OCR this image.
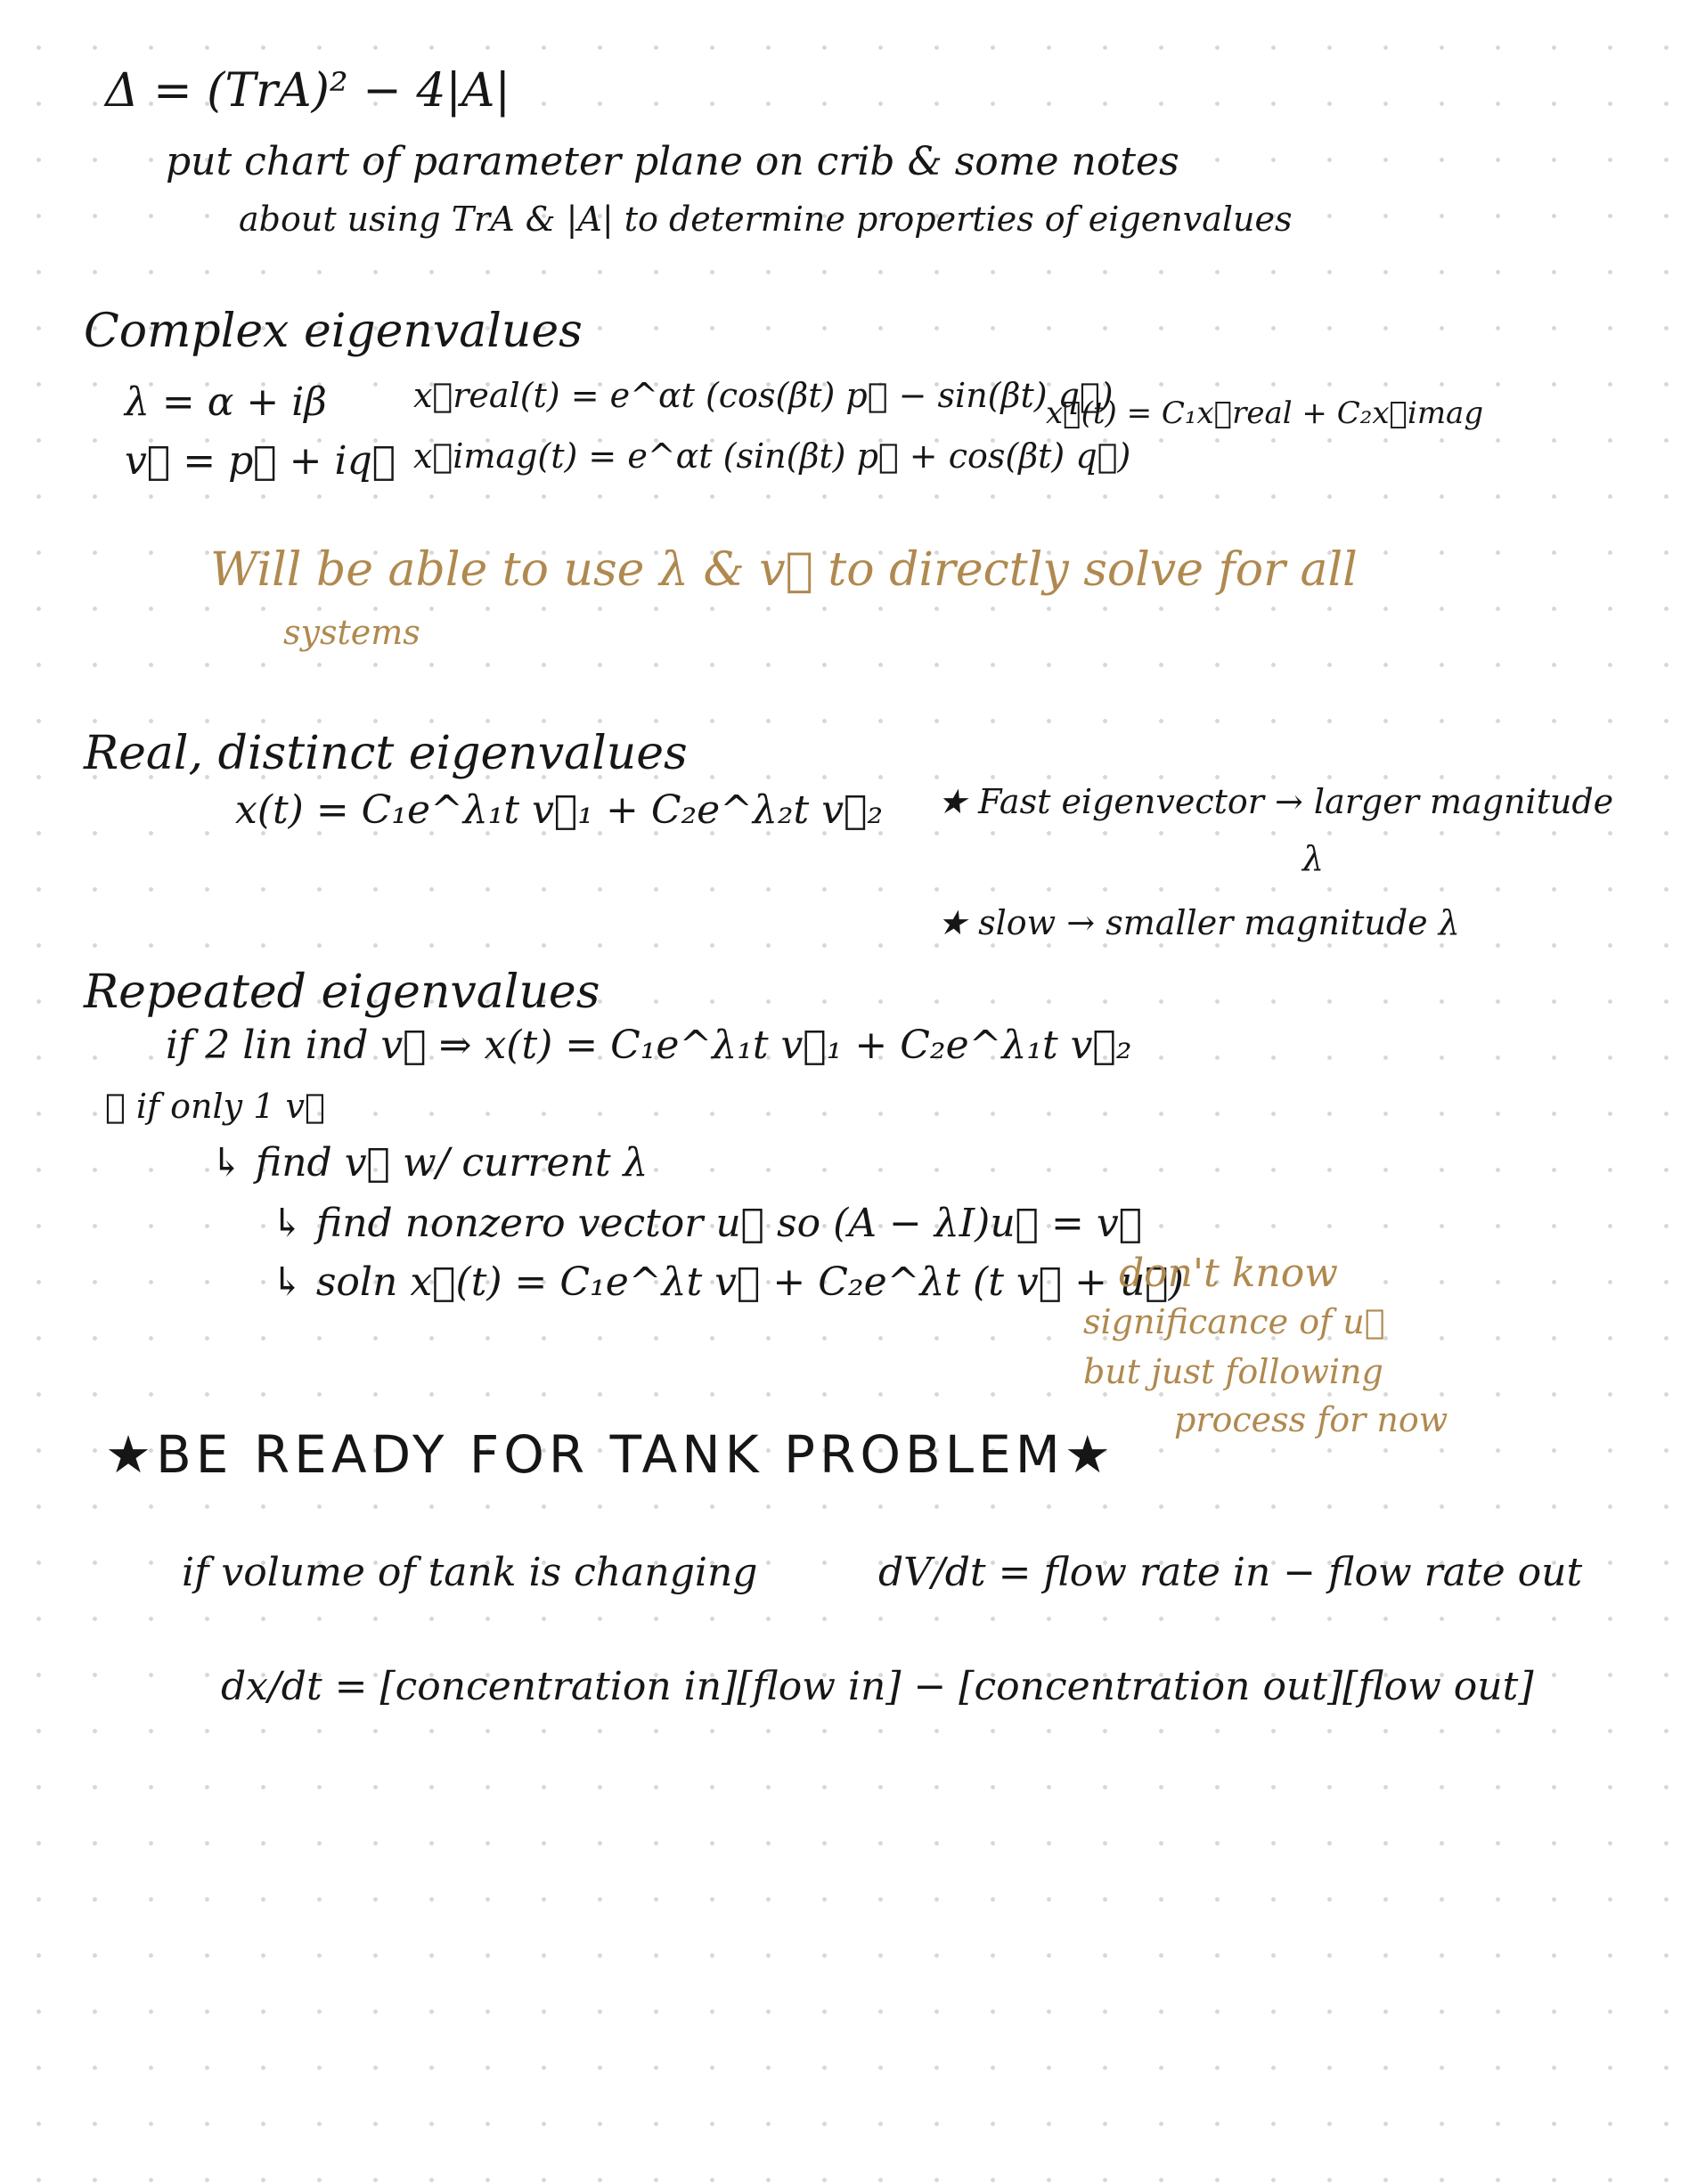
Δ = (TrA)² − 4|A|
put chart of parameter plane on crib & some notes
about using TrA & |A| to determine properties of eigenvalues
Complex eigenvalues
λ = α + iβ
v⃗ = p⃗ + iq⃗
x⃗real(t) = e^αt (cos(βt) p⃗ − sin(βt) q⃗)
x⃗imag(t) = e^αt (sin(βt) p⃗ + cos(βt) q⃗)
x⃗(t) = C₁x⃗real + C₂x⃗imag
Will be able to use λ & v⃗ to directly solve for all
systems
Real, distinct eigenvalues
x(t) = C₁e^λ₁t v⃗₁ + C₂e^λ₂t v⃗₂ ★ Fast eigenvector → larger magnitude
λ
★ slow → smaller magnitude λ
Repeated eigenvalues
if 2 lin ind v⃗ ⇒ x(t) = C₁e^λ₁t v⃗₁ + C₂e^λ₁t v⃗₂
★ if only 1 v⃗
↳ find v⃗ w/ current λ
↳ find nonzero vector u⃗ so (A − λI)u⃗ = v⃗
↳ soln x⃗(t) = C₁e^λt v⃗ + C₂e^λt (t v⃗ + u⃗)
don't know
significance of u⃗
but just following
process for now
★BE READY FOR TANK PROBLEM★
if volume of tank is changing	dV/dt = flow rate in − flow rate out
dx/dt = [concentration in][flow in] − [concentration out][flow out]
